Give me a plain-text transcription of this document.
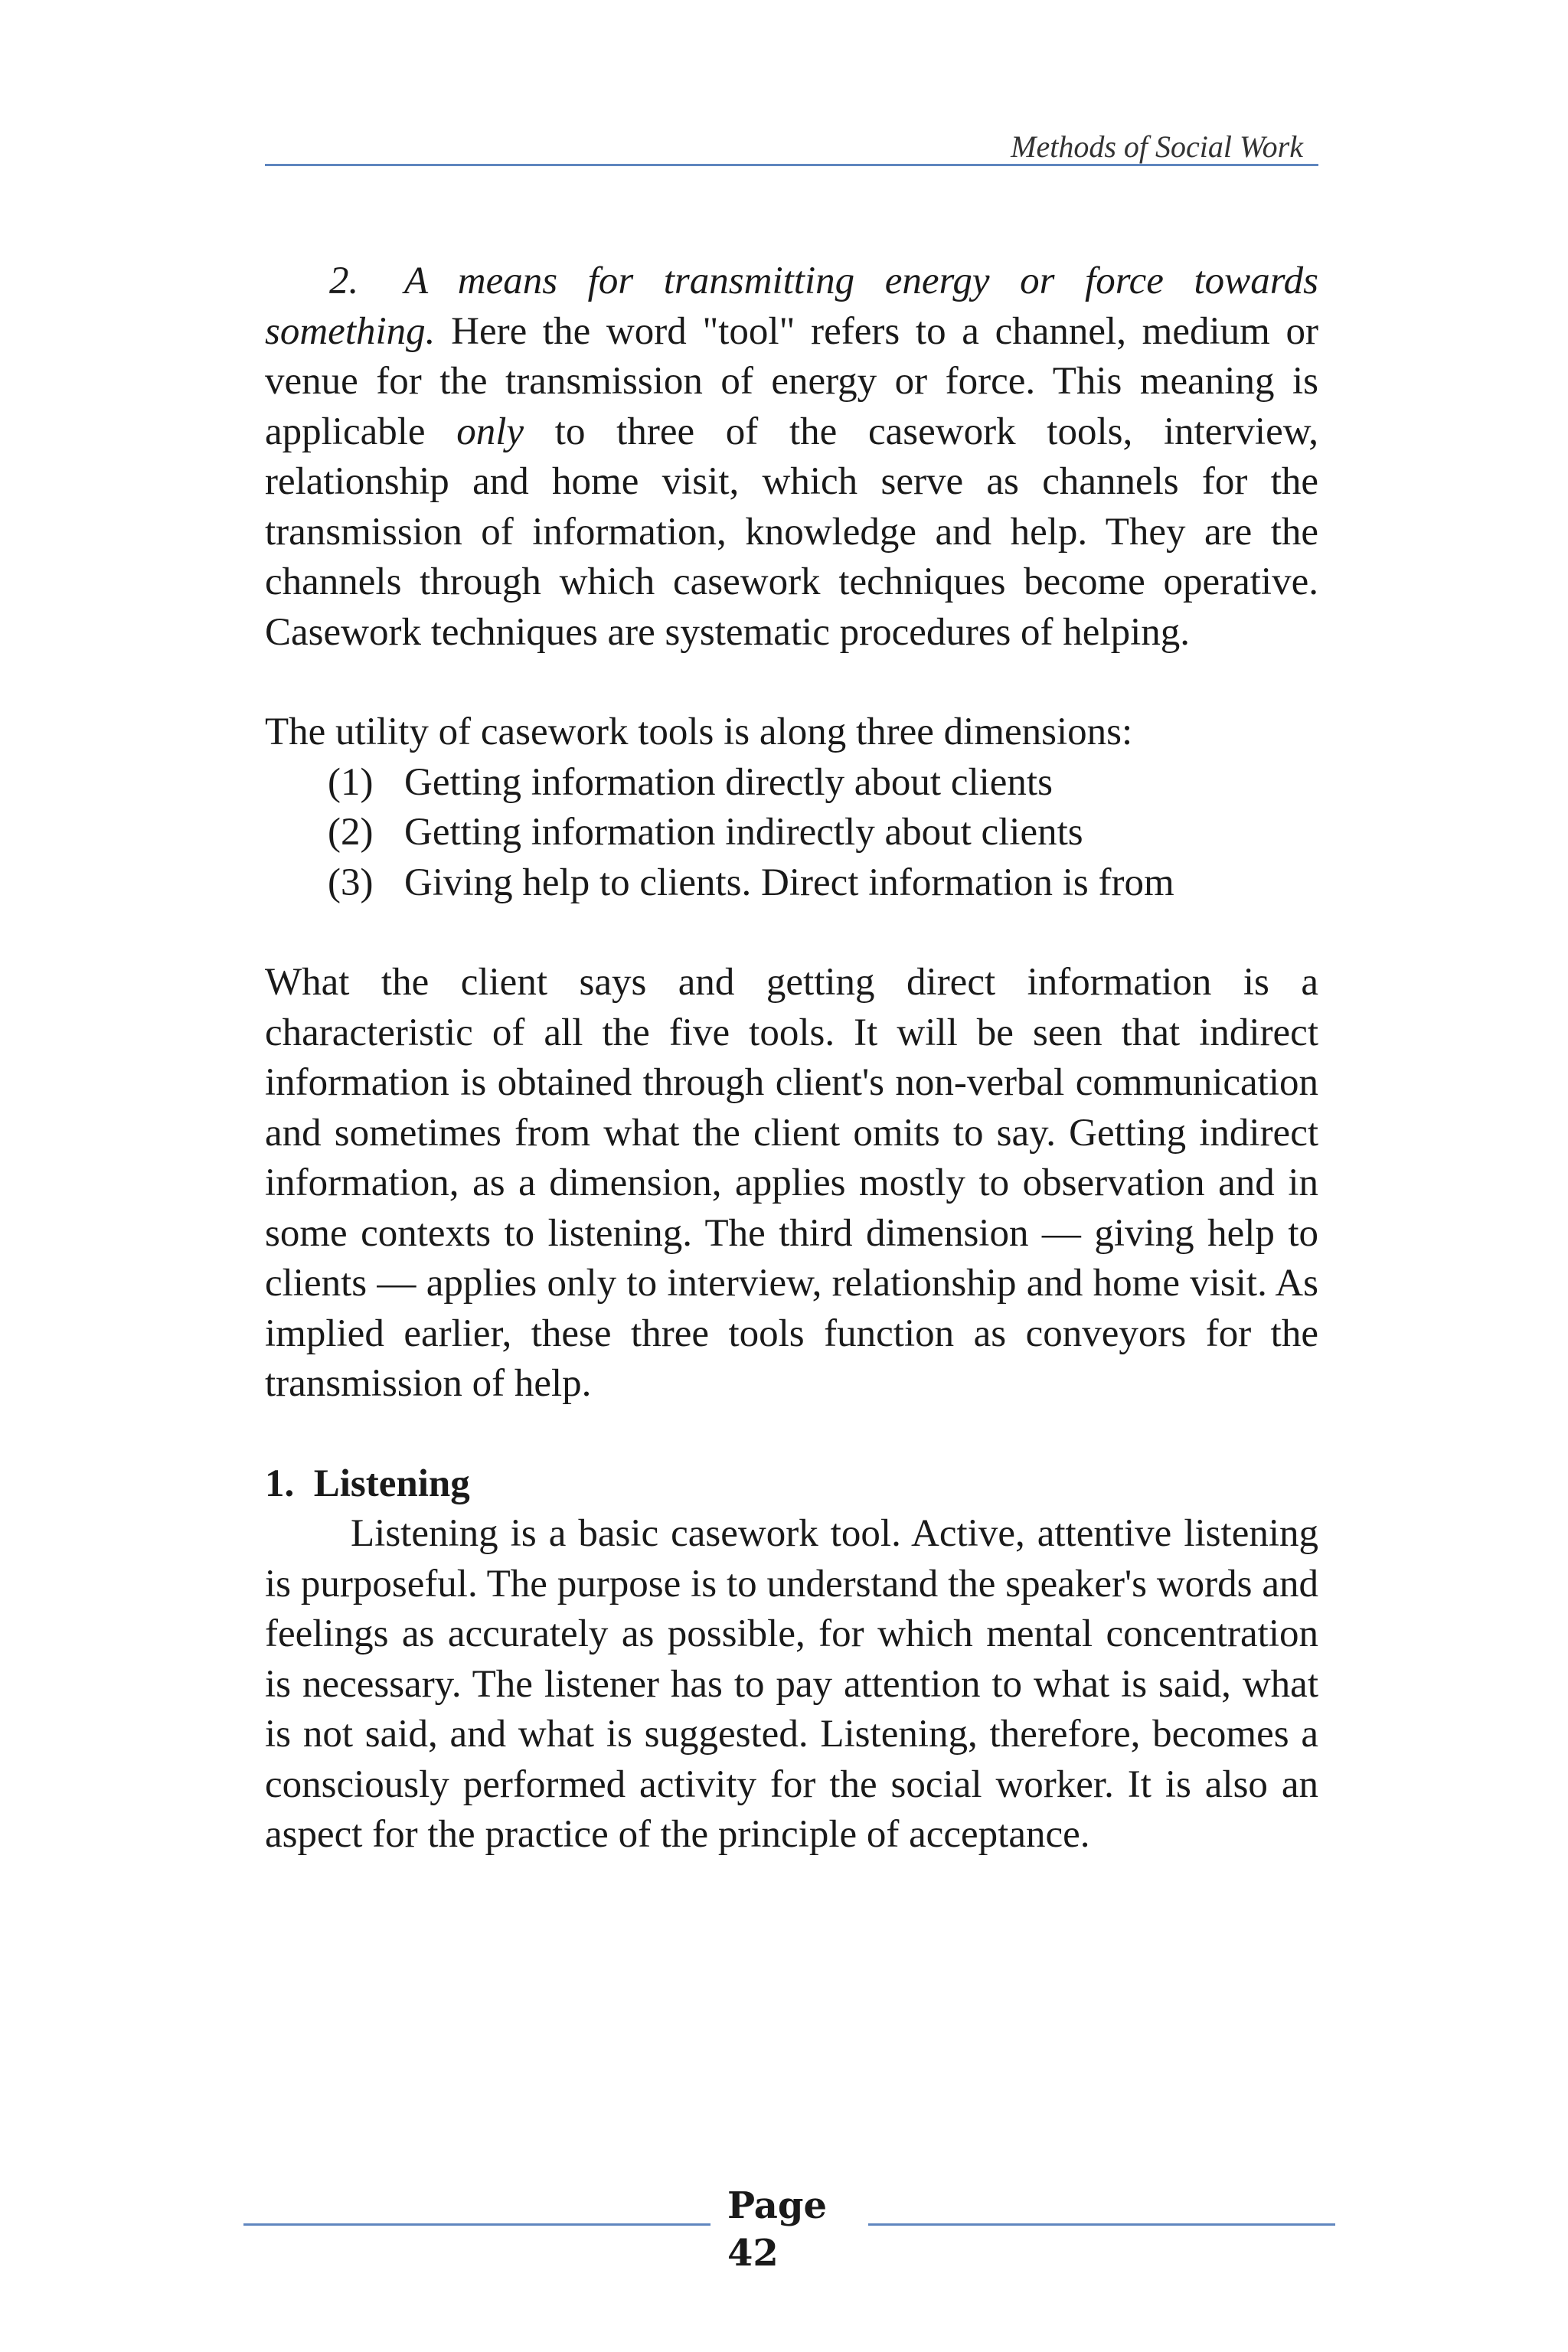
Methods of Social Work

2. A means for transmitting energy or force towards something. Here the word "tool" refers to a channel, medium or venue for the transmission of energy or force. This meaning is applicable only to three of the casework tools, interview, relationship and home visit, which serve as channels for the transmission of information, knowledge and help. They are the channels through which casework techniques become operative. Casework techniques are systematic procedures of helping.

The utility of casework tools is along three dimensions:

(1) Getting information directly about clients
(2) Getting information indirectly about clients
(3) Giving help to clients. Direct information is from

What the client says and getting direct information is a characteristic of all the five tools. It will be seen that indirect information is obtained through client's non-verbal communication and sometimes from what the client omits to say. Getting indirect information, as a dimension, applies mostly to observation and in some contexts to listening. The third dimension — giving help to clients — applies only to interview, relationship and home visit. As implied earlier, these three tools function as conveyors for the transmission of help.

1.  Listening

Listening is a basic casework tool. Active, attentive listening is purposeful. The purpose is to understand the speaker's words and feelings as accurately as possible, for which mental concentration is necessary. The listener has to pay attention to what is said, what is not said, and what is suggested. Listening, therefore, becomes a consciously performed activity for the social worker. It is also an aspect for the practice of the principle of acceptance.

Page
42
